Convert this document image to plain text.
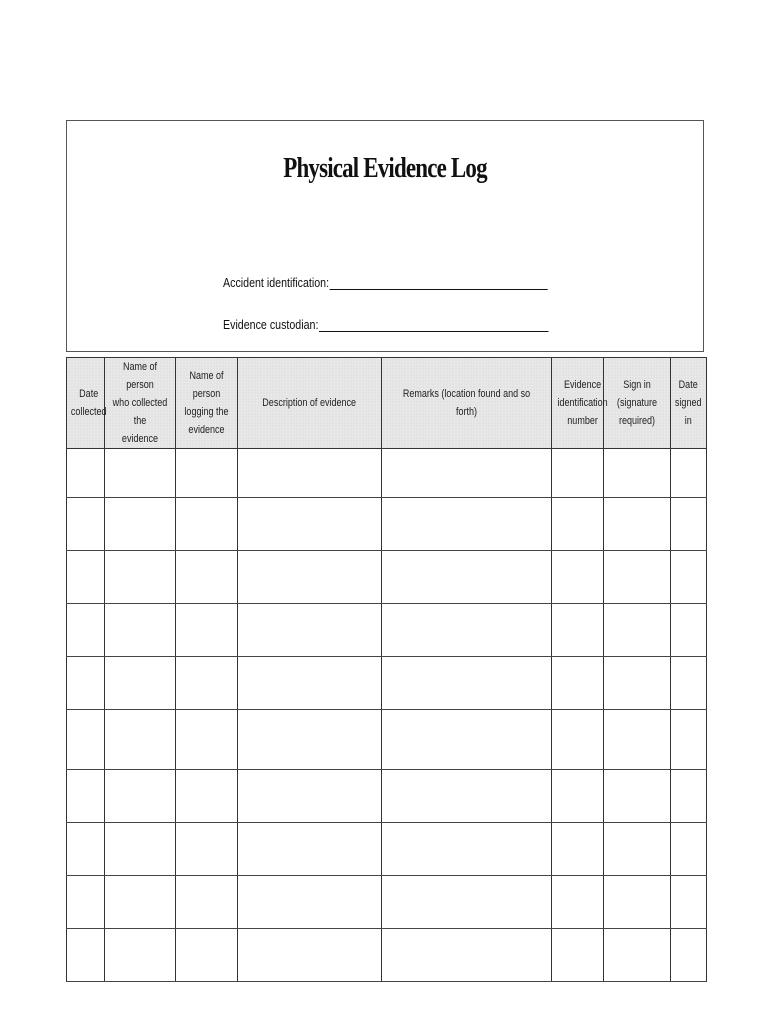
Physical Evidence Log
Accident identification:
Evidence custodian:
Date
collected	Name of person
who collected the
evidence	Name of person
logging the
evidence	Description of evidence	Remarks (location found and so forth)	Evidence
identification
number	Sign in (signature
required)	Date
signed
in
